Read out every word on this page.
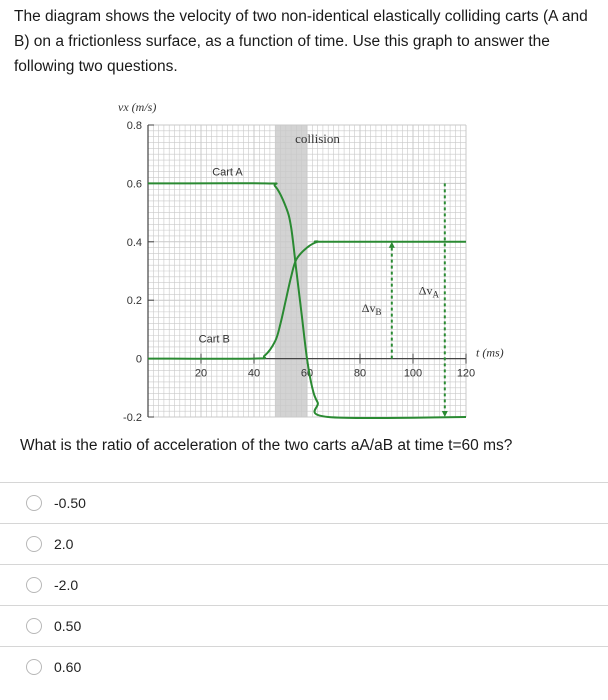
The diagram shows the velocity of two non-identical elastically colliding carts (A and B) on a frictionless surface, as a function of time. Use this graph to answer the following two questions.
0.8
0.6
0.4
0.2
0
-0.2
20	40	60	80	100	120
vx (m/s)
t (ms)
collision
Cart A
Cart B
$\Delta v_A$
$\Delta v_B$
What is the ratio of acceleration of the two carts aA/aB at time t=60 ms?
-0.50
2.0
-2.0
0.50
0.60
